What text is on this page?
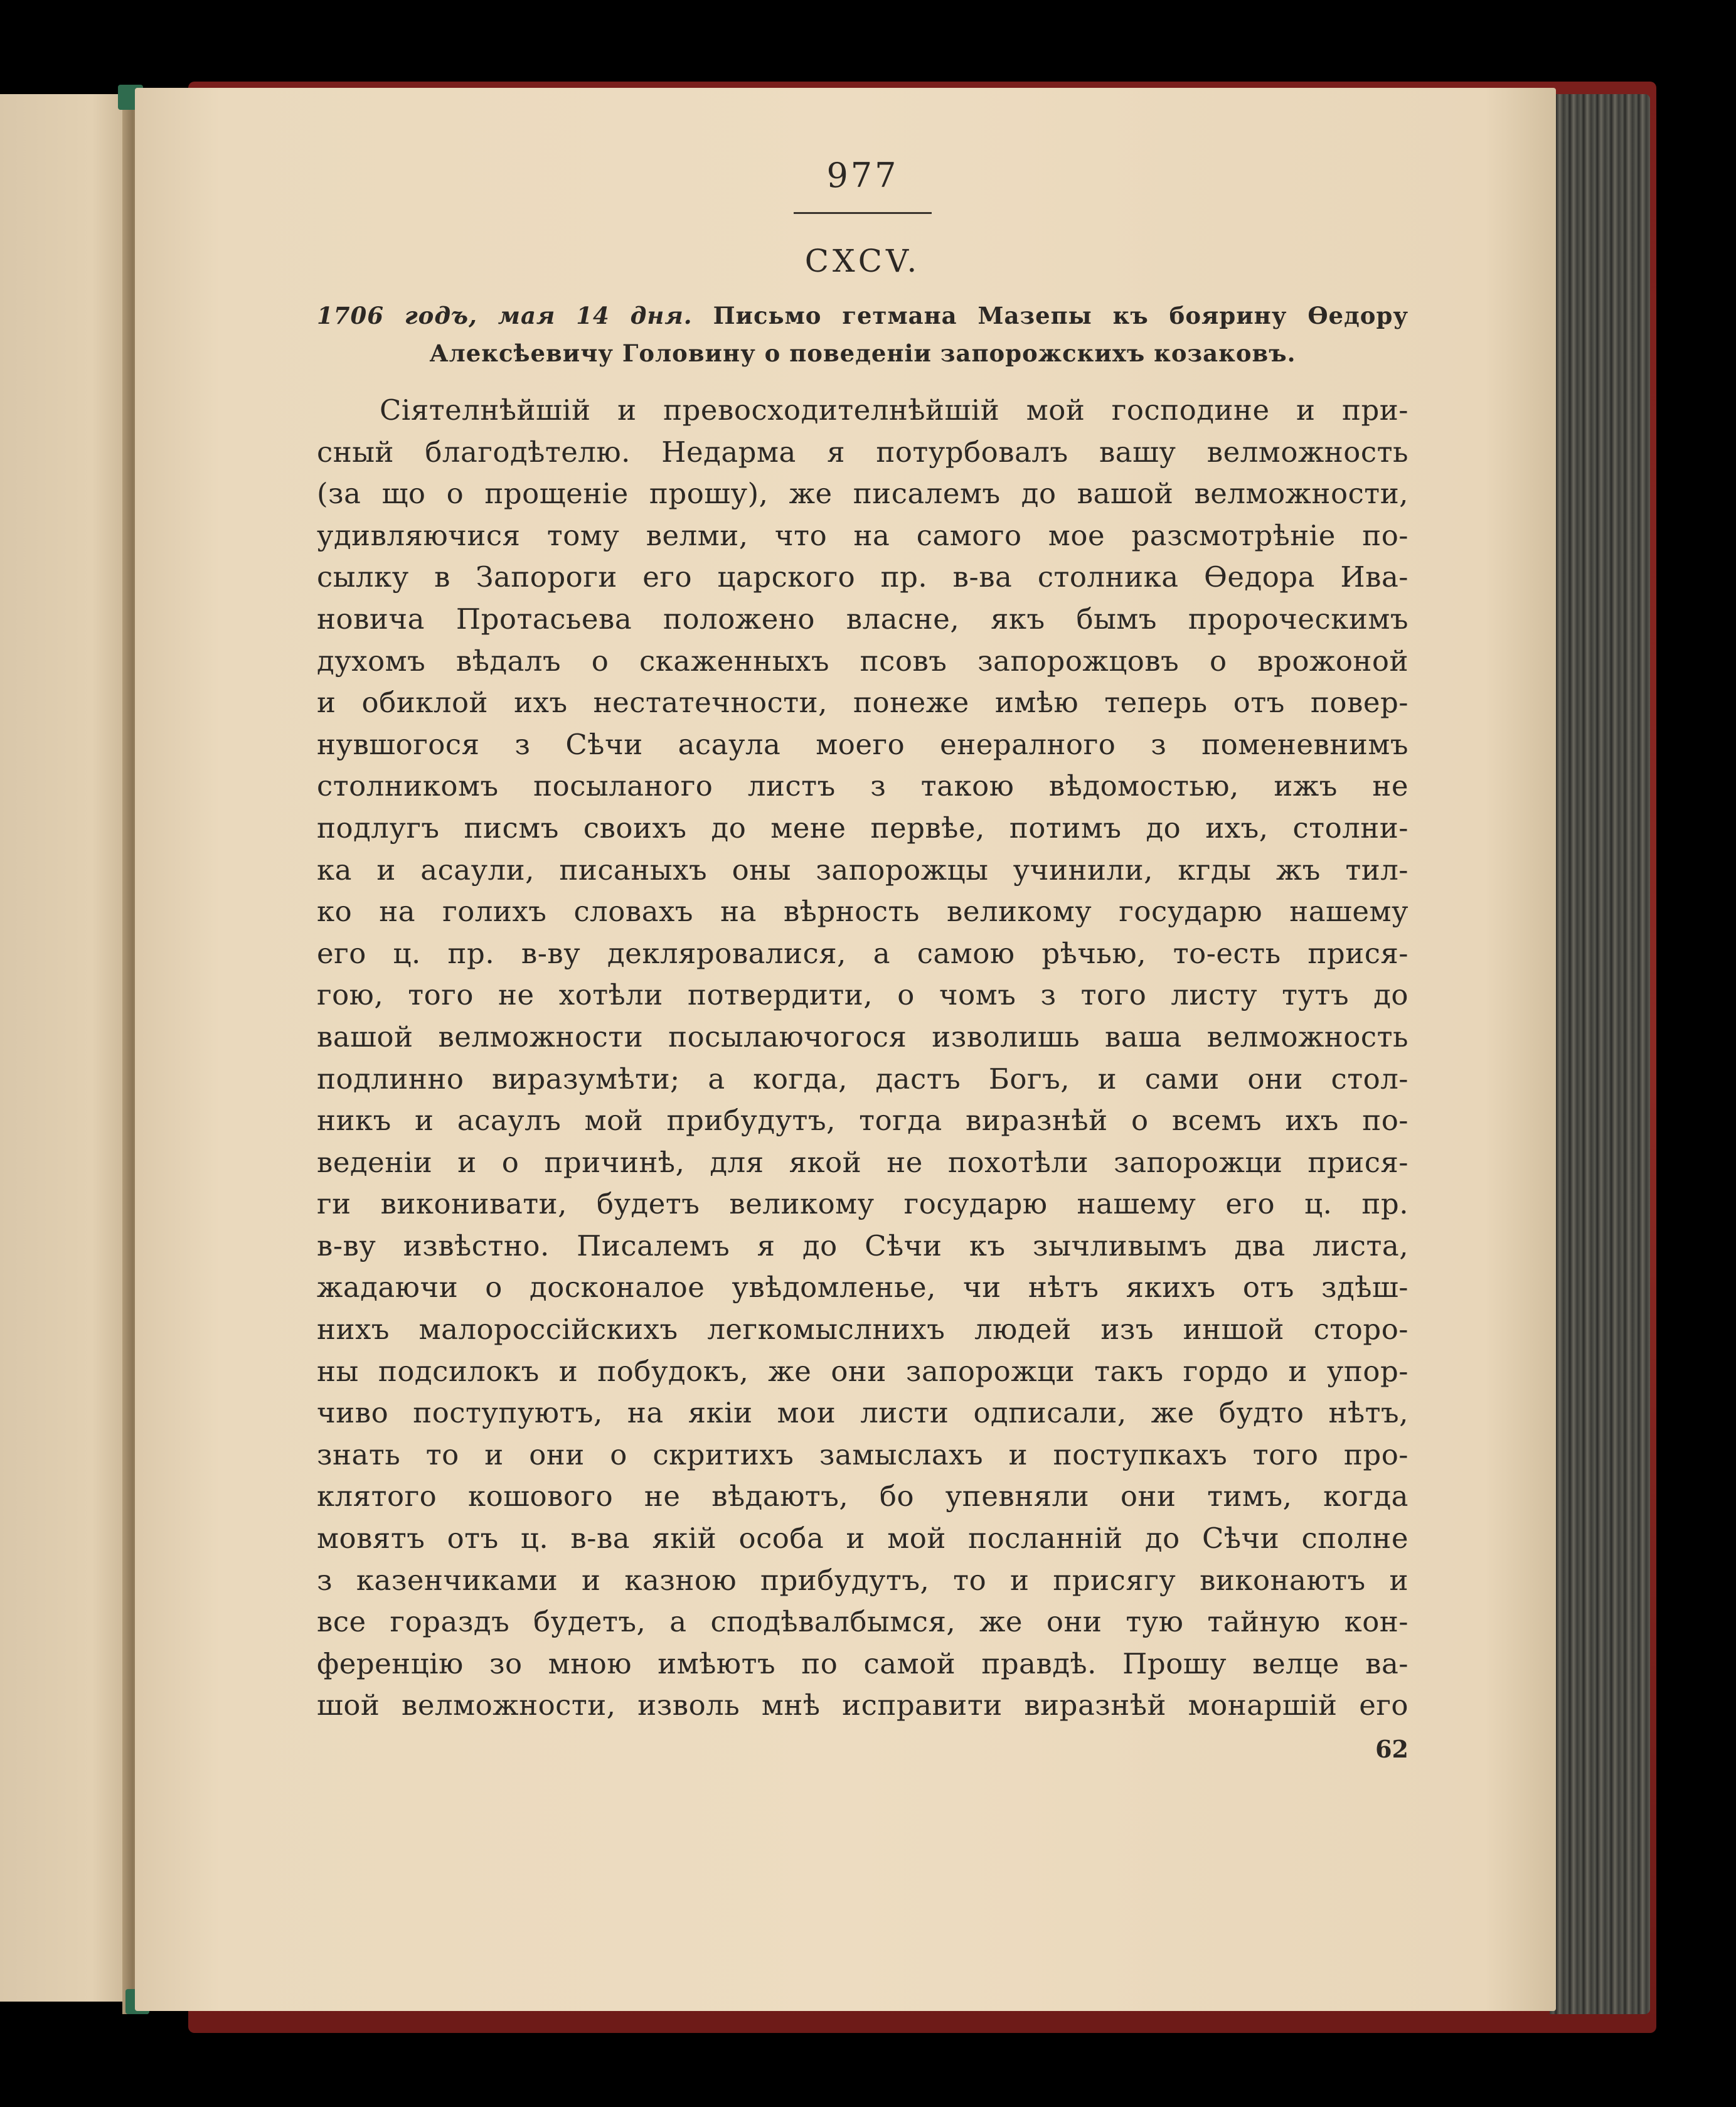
977
CXCV.
1706 годъ, мая 14 дня. Письмо гетмана Мазепы къ боярину Өедору Алексѣевичу Головину о поведеніи запорожскихъ козаковъ.
Сіятелнѣйшій и превосходителнѣйшій мой господине и при-
сный благодѣтелю. Недарма я потурбовалъ вашу велможность
(за що о прощеніе прошу), же писалемъ до вашой велможности,
удивляючися тому велми, что на самого мое разсмотрѣніе по-
сылку в Запороги его царского пр. в-ва столника Өедора Ива-
новича Протасьева положено власне, якъ бымъ пророческимъ
духомъ вѣдалъ о скаженныхъ псовъ запорожцовъ о врожоной
и обиклой ихъ нестатечности, понеже имѣю теперь отъ повер-
нувшогося з Сѣчи асаула моего енералного з поменевнимъ
столникомъ посыланого листъ з такою вѣдомостью, ижъ не
подлугъ писмъ своихъ до мене первѣе, потимъ до ихъ, столни-
ка и асаули, писаныхъ оны запорожцы учинили, кгды жъ тил-
ко на голихъ словахъ на вѣрность великому государю нашему
его ц. пр. в-ву декляровалися, а самою рѣчью, то-есть прися-
гою, того не хотѣли потвердити, о чомъ з того листу тутъ до
вашой велможности посылаючогося изволишь ваша велможность
подлинно виразумѣти; а когда, дастъ Богъ, и сами они стол-
никъ и асаулъ мой прибудутъ, тогда виразнѣй о всемъ ихъ по-
веденіи и о причинѣ, для якой не похотѣли запорожци прися-
ги виконивати, будетъ великому государю нашему его ц. пр.
в-ву извѣстно. Писалемъ я до Сѣчи къ зычливымъ два листа,
жадаючи о досконалое увѣдомленье, чи нѣтъ якихъ отъ здѣш-
нихъ малороссійскихъ легкомыслнихъ людей изъ иншой сторо-
ны подсилокъ и побудокъ, же они запорожци такъ гордо и упор-
чиво поступуютъ, на якіи мои листи одписали, же будто нѣтъ,
знать то и они о скритихъ замыслахъ и поступкахъ того про-
клятого кошового не вѣдаютъ, бо упевняли они тимъ, когда
мовятъ отъ ц. в-ва якій особа и мой посланній до Сѣчи сполне
з казенчиками и казною прибудутъ, то и присягу виконаютъ и
все гораздъ будетъ, а сподѣвалбымся, же они тую тайную кон-
ференцію зо мною имѣютъ по самой правдѣ. Прошу велце ва-
шой велможности, изволь мнѣ исправити виразнѣй монаршій его
62
